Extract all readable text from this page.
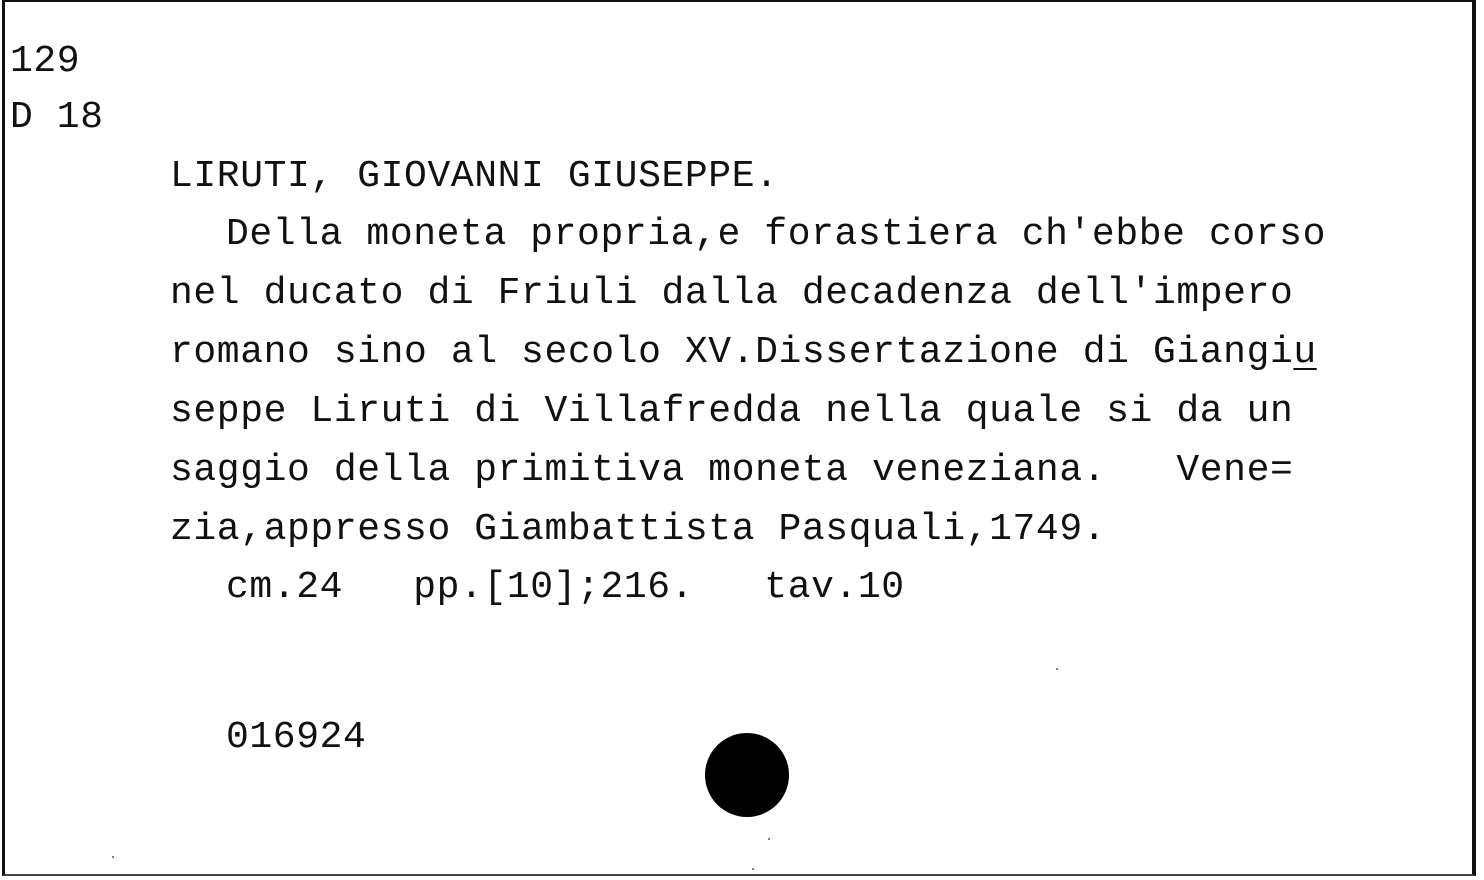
129
D 18
LIRUTI, GIOVANNI GIUSEPPE.
Della moneta propria,e forastiera ch'ebbe corso
nel ducato di Friuli dalla decadenza dell'impero
romano sino al secolo XV.Dissertazione di Giangiu
seppe Liruti di Villafredda nella quale si da un
saggio della primitiva moneta veneziana.   Vene=
zia,appresso Giambattista Pasquali,1749.
cm.24   pp.[10];216.   tav.10
016924
